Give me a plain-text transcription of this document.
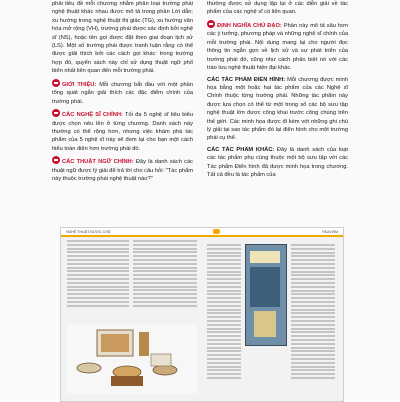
phải tiêu đề mỗi chương nhằm phân loại trường phái nghệ thuật khác nhau được mô tả trong phần Lời dẫn: xu hướng trong nghệ thuật thị giác (TG), xu hướng văn hóa mở rộng (VH), trường phái được xác định bởi nghệ sĩ (NS), hoặc tên gọi được đặt theo giai đoạn lịch sử (LS). Một số trường phái được tranh luận rằng có thể được giải thích bởi các cách gọi khác: trong trường hợp đó, quyển sách này chỉ sử dụng thuật ngữ phổ biến nhất liên quan đến mỗi trường phái.

GIỚI THIỆU: Mỗi chương bắt đầu với một phần tổng quát ngắn giải thích các đặc điểm chính của trường phái.

CÁC NGHỆ SĨ CHÍNH: Tối đa 5 nghệ sĩ tiêu biểu được chọn nêu lên ở từng chương. Danh sách này thường có thể rộng hơn, nhưng việc khám phá tác phẩm của 5 nghệ sĩ này sẽ đem lại cho bạn một cách hiểu toàn diện hơn trường phái đó.

CÁC THUẬT NGỮ CHÍNH: Đây là danh sách các thuật ngữ được lý giải để trả lời cho câu hỏi: "Tác phẩm này thuộc trường phái nghệ thuật nào?"

thường được sử dụng lặp lại ở các diễn giải về tác phẩm của các nghệ sĩ có liên quan.

ĐỊNH NGHĨA CHỦ ĐẠO: Phần này mô tả sâu hơn các ý tưởng, phương pháp và những nghệ sĩ chính của mỗi trường phái. Nội dung mang lại cho người đọc thông tin ngắn gọn về lịch sử và sự phát triển của trường phái đó, cũng như cách phân biệt nó với các trào lưu nghệ thuật hiện đại khác.

CÁC TÁC PHẨM ĐIỂN HÌNH: Mỗi chương được minh họa bằng một hoặc hai tác phẩm của các Nghệ sĩ Chính thuộc từng trường phái. Những tác phẩm này được lựa chọn có thể từ một trong số các bộ sưu tập nghệ thuật lớn được công khai trước công chúng trên thế giới. Các minh họa được đi kèm với những ghi chú lý giải tại sao tác phẩm đó lại điển hình cho một trường phái cụ thể.

CÁC TÁC PHẨM KHÁC: Đây là danh sách của loạt các tác phẩm phụ cùng thuộc một bộ sưu tập với các Tác phẩm Điển hình đã được minh họa trong chương. Tất cả đều là tác phẩm của

NGHỆ THUẬT ĐƯỢC CHỮ	FAUVISM
